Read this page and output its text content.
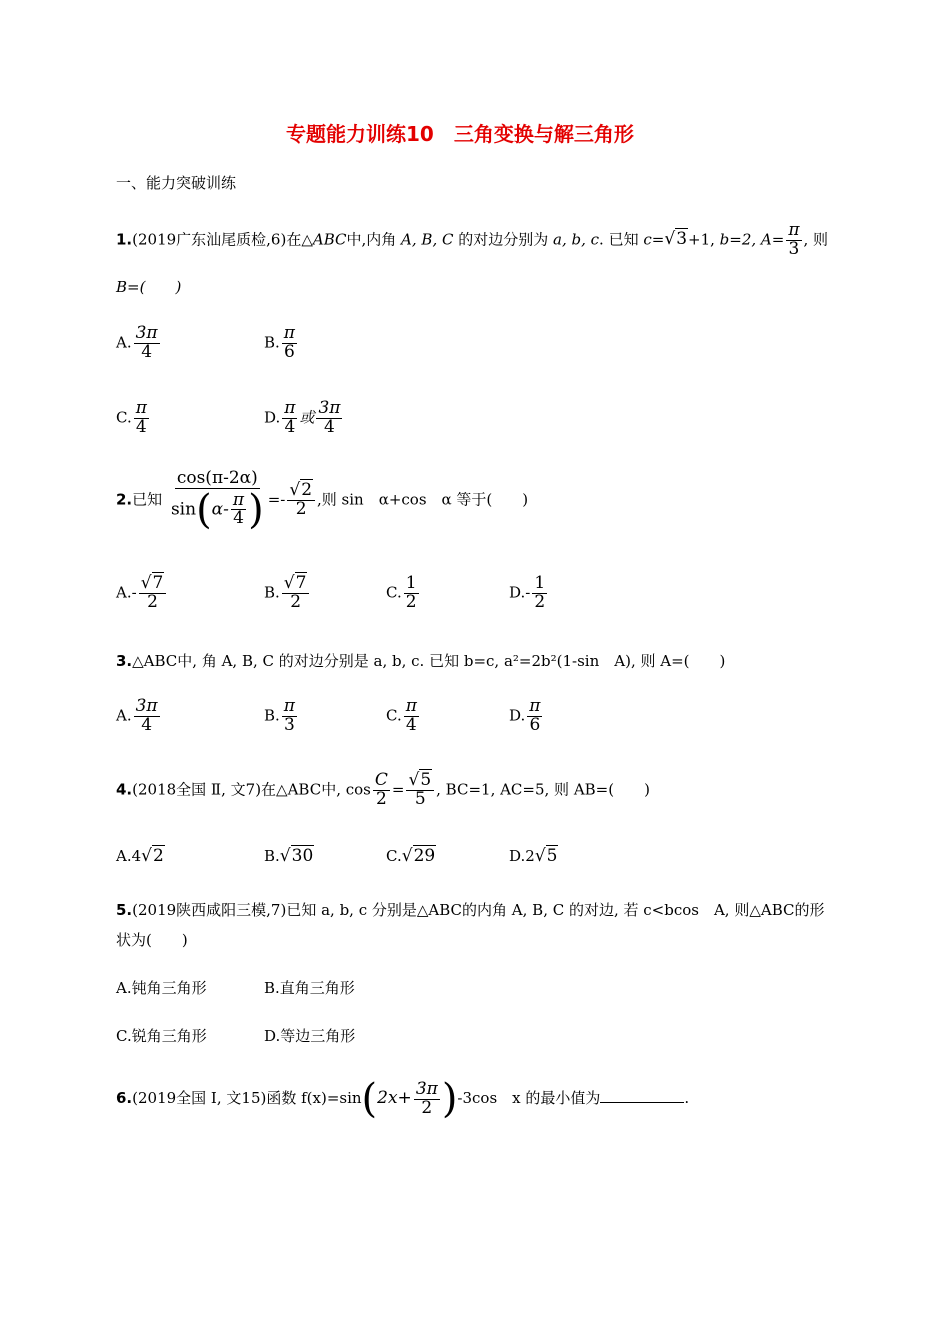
专题能力训练10　三角变换与解三角形
一、能力突破训练
1.(2019广东汕尾质检,6)在△ABC中,内角 A, B, C 的对边分别为 a, b, c. 已知 c=√3+1, b=2, $A= \frac{\pi}{3}$ , 则
B=(　　)
A. $\frac{3\pi}{4}$	B. $\frac{\pi}{6}$
C. $\frac{\pi}{4}$	D. $\frac{\pi}{4}$ 或 $\frac{3\pi}{4}$
2.已知 $\frac{\cos(\pi-2\alpha)}{\sin(\alpha- \frac{\pi}{4} )} =- \frac{√2}{2}$ ,则 sin　α+cos　α 等于(　　)
$A.- \frac{√7}{2}$	B. $\frac{√7}{2}$	C. $\frac{1}{2}$	$D.- \frac{1}{2}$
3.△ABC中, 角 A, B, C 的对边分别是 a, b, c. 已知 b=c, a²=2b²(1-sin　A), 则 A=(　　)
A. $\frac{3\pi}{4}$	B. $\frac{\pi}{3}$	C. $\frac{\pi}{4}$	D. $\frac{\pi}{6}$
4.(2018全国 Ⅱ, 文7)在△ABC中, $\cos \frac{C}{2} = \frac{√5}{5}$ , BC=1, AC=5, 则 AB=(　　)
A.4√2	B.√30	C.√29	D.2√5
5.(2019陕西咸阳三模,7)已知 a, b, c 分别是△ABC的内角 A, B, C 的对边, 若 c<bcos　A, 则△ABC的形
状为(　　)
A.钝角三角形	B.直角三角形
C.锐角三角形	D.等边三角形
6.(2019全国 Ⅰ, 文15)函数 $f(x)=\sin(2x+ \frac{3\pi}{2} )-3\cos$　x 的最小值为	.
